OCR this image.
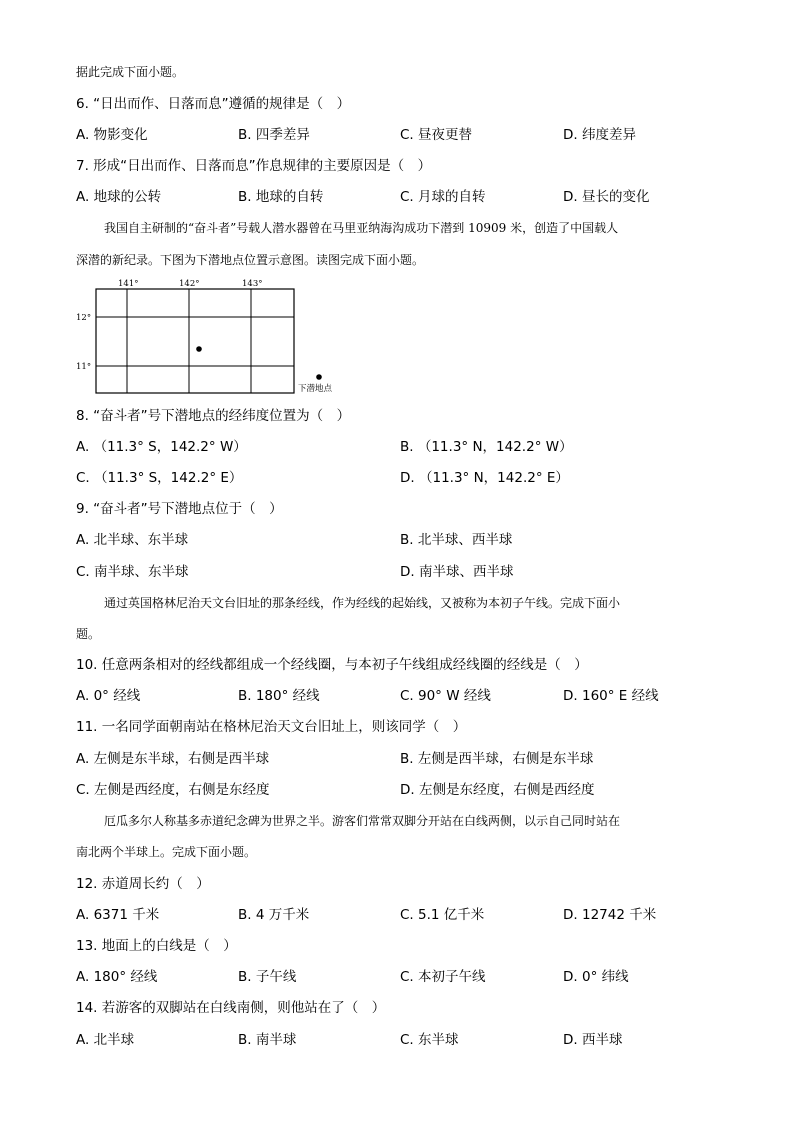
据此完成下面小题。
6. “日出而作、日落而息”遵循的规律是（　）
A. 物影变化	B. 四季差异	C. 昼夜更替	D. 纬度差异
7. 形成“日出而作、日落而息”作息规律的主要原因是（　）
A. 地球的公转	B. 地球的自转	C. 月球的自转	D. 昼长的变化
我国自主研制的“奋斗者”号载人潜水器曾在马里亚纳海沟成功下潜到 10909 米，创造了中国载人
深潜的新纪录。下图为下潜地点位置示意图。读图完成下面小题。
141°	142°	143°
12°
11°
下潜地点
8. “奋斗者”号下潜地点的经纬度位置为（　）
A. （11.3° S，142.2° W）	B. （11.3° N，142.2° W）
C. （11.3° S，142.2° E）	D. （11.3° N，142.2° E）
9. “奋斗者”号下潜地点位于（　）
A. 北半球、东半球	B. 北半球、西半球
C. 南半球、东半球	D. 南半球、西半球
通过英国格林尼治天文台旧址的那条经线，作为经线的起始线，又被称为本初子午线。完成下面小
题。
10. 任意两条相对的经线都组成一个经线圈，与本初子午线组成经线圈的经线是（　）
A. 0° 经线	B. 180° 经线	C. 90° W 经线	D. 160° E 经线
11. 一名同学面朝南站在格林尼治天文台旧址上，则该同学（　）
A. 左侧是东半球，右侧是西半球	B. 左侧是西半球，右侧是东半球
C. 左侧是西经度，右侧是东经度	D. 左侧是东经度，右侧是西经度
厄瓜多尔人称基多赤道纪念碑为世界之半。游客们常常双脚分开站在白线两侧，以示自己同时站在
南北两个半球上。完成下面小题。
12. 赤道周长约（　）
A. 6371 千米	B. 4 万千米	C. 5.1 亿千米	D. 12742 千米
13. 地面上的白线是（　）
A. 180° 经线	B. 子午线	C. 本初子午线	D. 0° 纬线
14. 若游客的双脚站在白线南侧，则他站在了（　）
A. 北半球	B. 南半球	C. 东半球	D. 西半球
